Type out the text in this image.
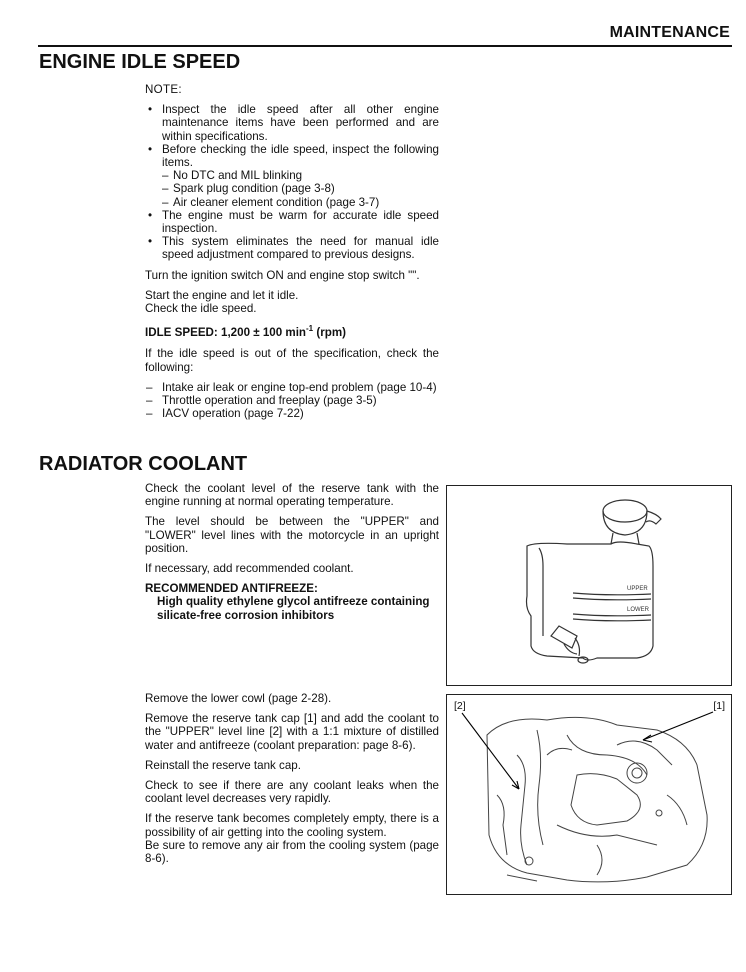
MAINTENANCE
ENGINE IDLE SPEED

NOTE:

• Inspect the idle speed after all other engine maintenance items have been performed and are within specifications.
• Before checking the idle speed, inspect the following items.
– No DTC and MIL blinking
– Spark plug condition (page 3-8)
– Air cleaner element condition (page 3-7)
• The engine must be warm for accurate idle speed inspection.
• This system eliminates the need for manual idle speed adjustment compared to previous designs.

Turn the ignition switch ON and engine stop switch "".

Start the engine and let it idle.

Check the idle speed.

IDLE SPEED: 1,200 ± 100 $\min^{-1} (rpm)$

If the idle speed is out of the specification, check the following:

– Intake air leak or engine top-end problem (page 10-4)
– Throttle operation and freeplay (page 3-5)
– IACV operation (page 7-22)
RADIATOR COOLANT

Check the coolant level of the reserve tank with the engine running at normal operating temperature.

The level should be between the "UPPER" and "LOWER" level lines with the motorcycle in an upright position.

If necessary, add recommended coolant.

RECOMMENDED ANTIFREEZE:

High quality ethylene glycol antifreeze containing silicate-free corrosion inhibitors

UPPER
LOWER

Remove the lower cowl (page 2-28).

Remove the reserve tank cap [1] and add the coolant to the "UPPER" level line [2] with a 1:1 mixture of distilled water and antifreeze (coolant preparation: page 8-6).

Reinstall the reserve tank cap.

Check to see if there are any coolant leaks when the coolant level decreases very rapidly.

If the reserve tank becomes completely empty, there is a possibility of air getting into the cooling system.

Be sure to remove any air from the cooling system (page 8-6).

[1]
[2]
